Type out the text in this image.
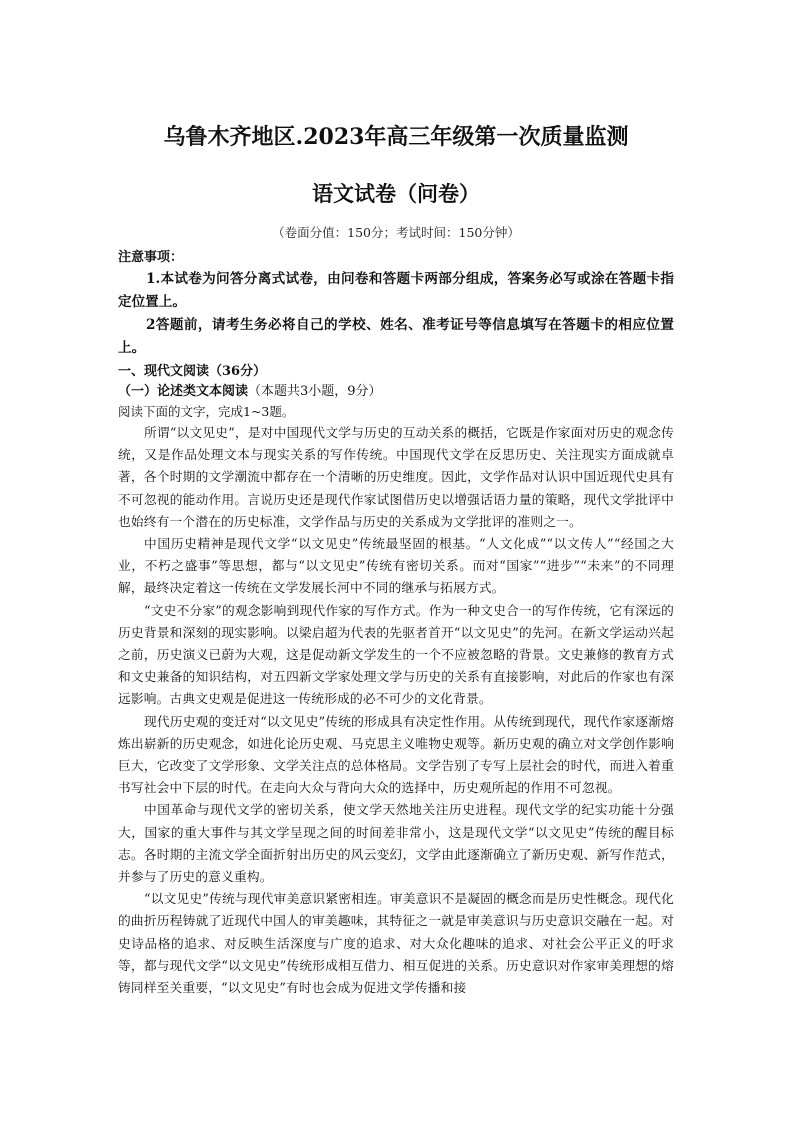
乌鲁木齐地区.2023年高三年级第一次质量监测
语文试卷（问卷）

（卷面分值：150分；考试时间：150分钟）

注意事项：

1.本试卷为问答分离式试卷，由问卷和答题卡两部分组成，答案务必写或涂在答题卡指定位置上。

2答题前，请考生务必将自己的学校、姓名、准考证号等信息填写在答题卡的相应位置上。

一、现代文阅读（36分）

（一）论述类文本阅读（本题共3小题，9分）

阅读下面的文字，完成1~3题。

所谓“以文见史”，是对中国现代文学与历史的互动关系的概括，它既是作家面对历史的观念传统，又是作品处理文本与现实关系的写作传统。中国现代文学在反思历史、关注现实方面成就卓著，各个时期的文学潮流中都存在一个清晰的历史维度。因此，文学作品对认识中国近现代史具有不可忽视的能动作用。言说历史还是现代作家试图借历史以增强话语力量的策略，现代文学批评中也始终有一个潜在的历史标准，文学作品与历史的关系成为文学批评的准则之一。

中国历史精神是现代文学“以文见史”传统最坚固的根基。“人文化成”“以文传人”“经国之大业，不朽之盛事”等思想，都与“以文见史”传统有密切关系。而对“国家”“进步”“未来”的不同理解，最终决定着这一传统在文学发展长河中不同的继承与拓展方式。

“文史不分家”的观念影响到现代作家的写作方式。作为一种文史合一的写作传统，它有深远的历史背景和深刻的现实影响。以梁启超为代表的先驱者首开“以文见史”的先河。在新文学运动兴起之前，历史演义已蔚为大观，这是促动新文学发生的一个不应被忽略的背景。文史兼修的教育方式和文史兼备的知识结构，对五四新文学家处理文学与历史的关系有直接影响，对此后的作家也有深远影响。古典文史观是促进这一传统形成的必不可少的文化背景。

现代历史观的变迁对“以文见史”传统的形成具有决定性作用。从传统到现代，现代作家逐渐熔炼出崭新的历史观念，如进化论历史观、马克思主义唯物史观等。新历史观的确立对文学创作影响巨大，它改变了文学形象、文学关注点的总体格局。文学告别了专写上层社会的时代，而进入着重书写社会中下层的时代。在走向大众与背向大众的选择中，历史观所起的作用不可忽视。

中国革命与现代文学的密切关系，使文学天然地关注历史进程。现代文学的纪实功能十分强大，国家的重大事件与其文学呈现之间的时间差非常小，这是现代文学“以文见史”传统的醒目标志。各时期的主流文学全面折射出历史的风云变幻，文学由此逐渐确立了新历史观、新写作范式，并参与了历史的意义重构。

“以文见史”传统与现代审美意识紧密相连。审美意识不是凝固的概念而是历史性概念。现代化的曲折历程铸就了近现代中国人的审美趣味，其特征之一就是审美意识与历史意识交融在一起。对史诗品格的追求、对反映生活深度与广度的追求、对大众化趣味的追求、对社会公平正义的吁求等，都与现代文学“以文见史”传统形成相互借力、相互促进的关系。历史意识对作家审美理想的熔铸同样至关重要，“以文见史”有时也会成为促进文学传播和接
